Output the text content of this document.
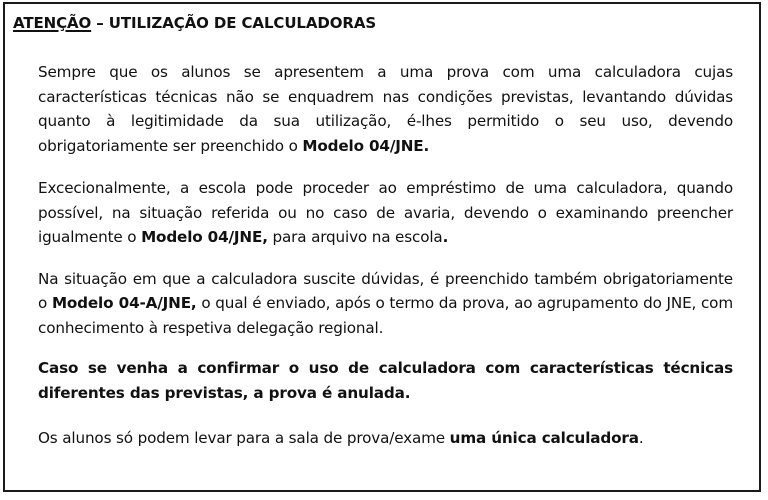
ATENÇÃO – UTILIZAÇÃO DE CALCULADORAS

Sempre que os alunos se apresentem a uma prova com uma calculadora cujas características técnicas não se enquadrem nas condições previstas, levantando dúvidas quanto à legitimidade da sua utilização, é-lhes permitido o seu uso, devendo obrigatoriamente ser preenchido o Modelo 04/JNE.

Excecionalmente, a escola pode proceder ao empréstimo de uma calculadora, quando possível, na situação referida ou no caso de avaria, devendo o examinando preencher igualmente o Modelo 04/JNE, para arquivo na escola.

Na situação em que a calculadora suscite dúvidas, é preenchido também obrigatoriamente o Modelo 04-A/JNE, o qual é enviado, após o termo da prova, ao agrupamento do JNE, com conhecimento à respetiva delegação regional.

Caso se venha a confirmar o uso de calculadora com características técnicas diferentes das previstas, a prova é anulada.

Os alunos só podem levar para a sala de prova/exame uma única calculadora.
